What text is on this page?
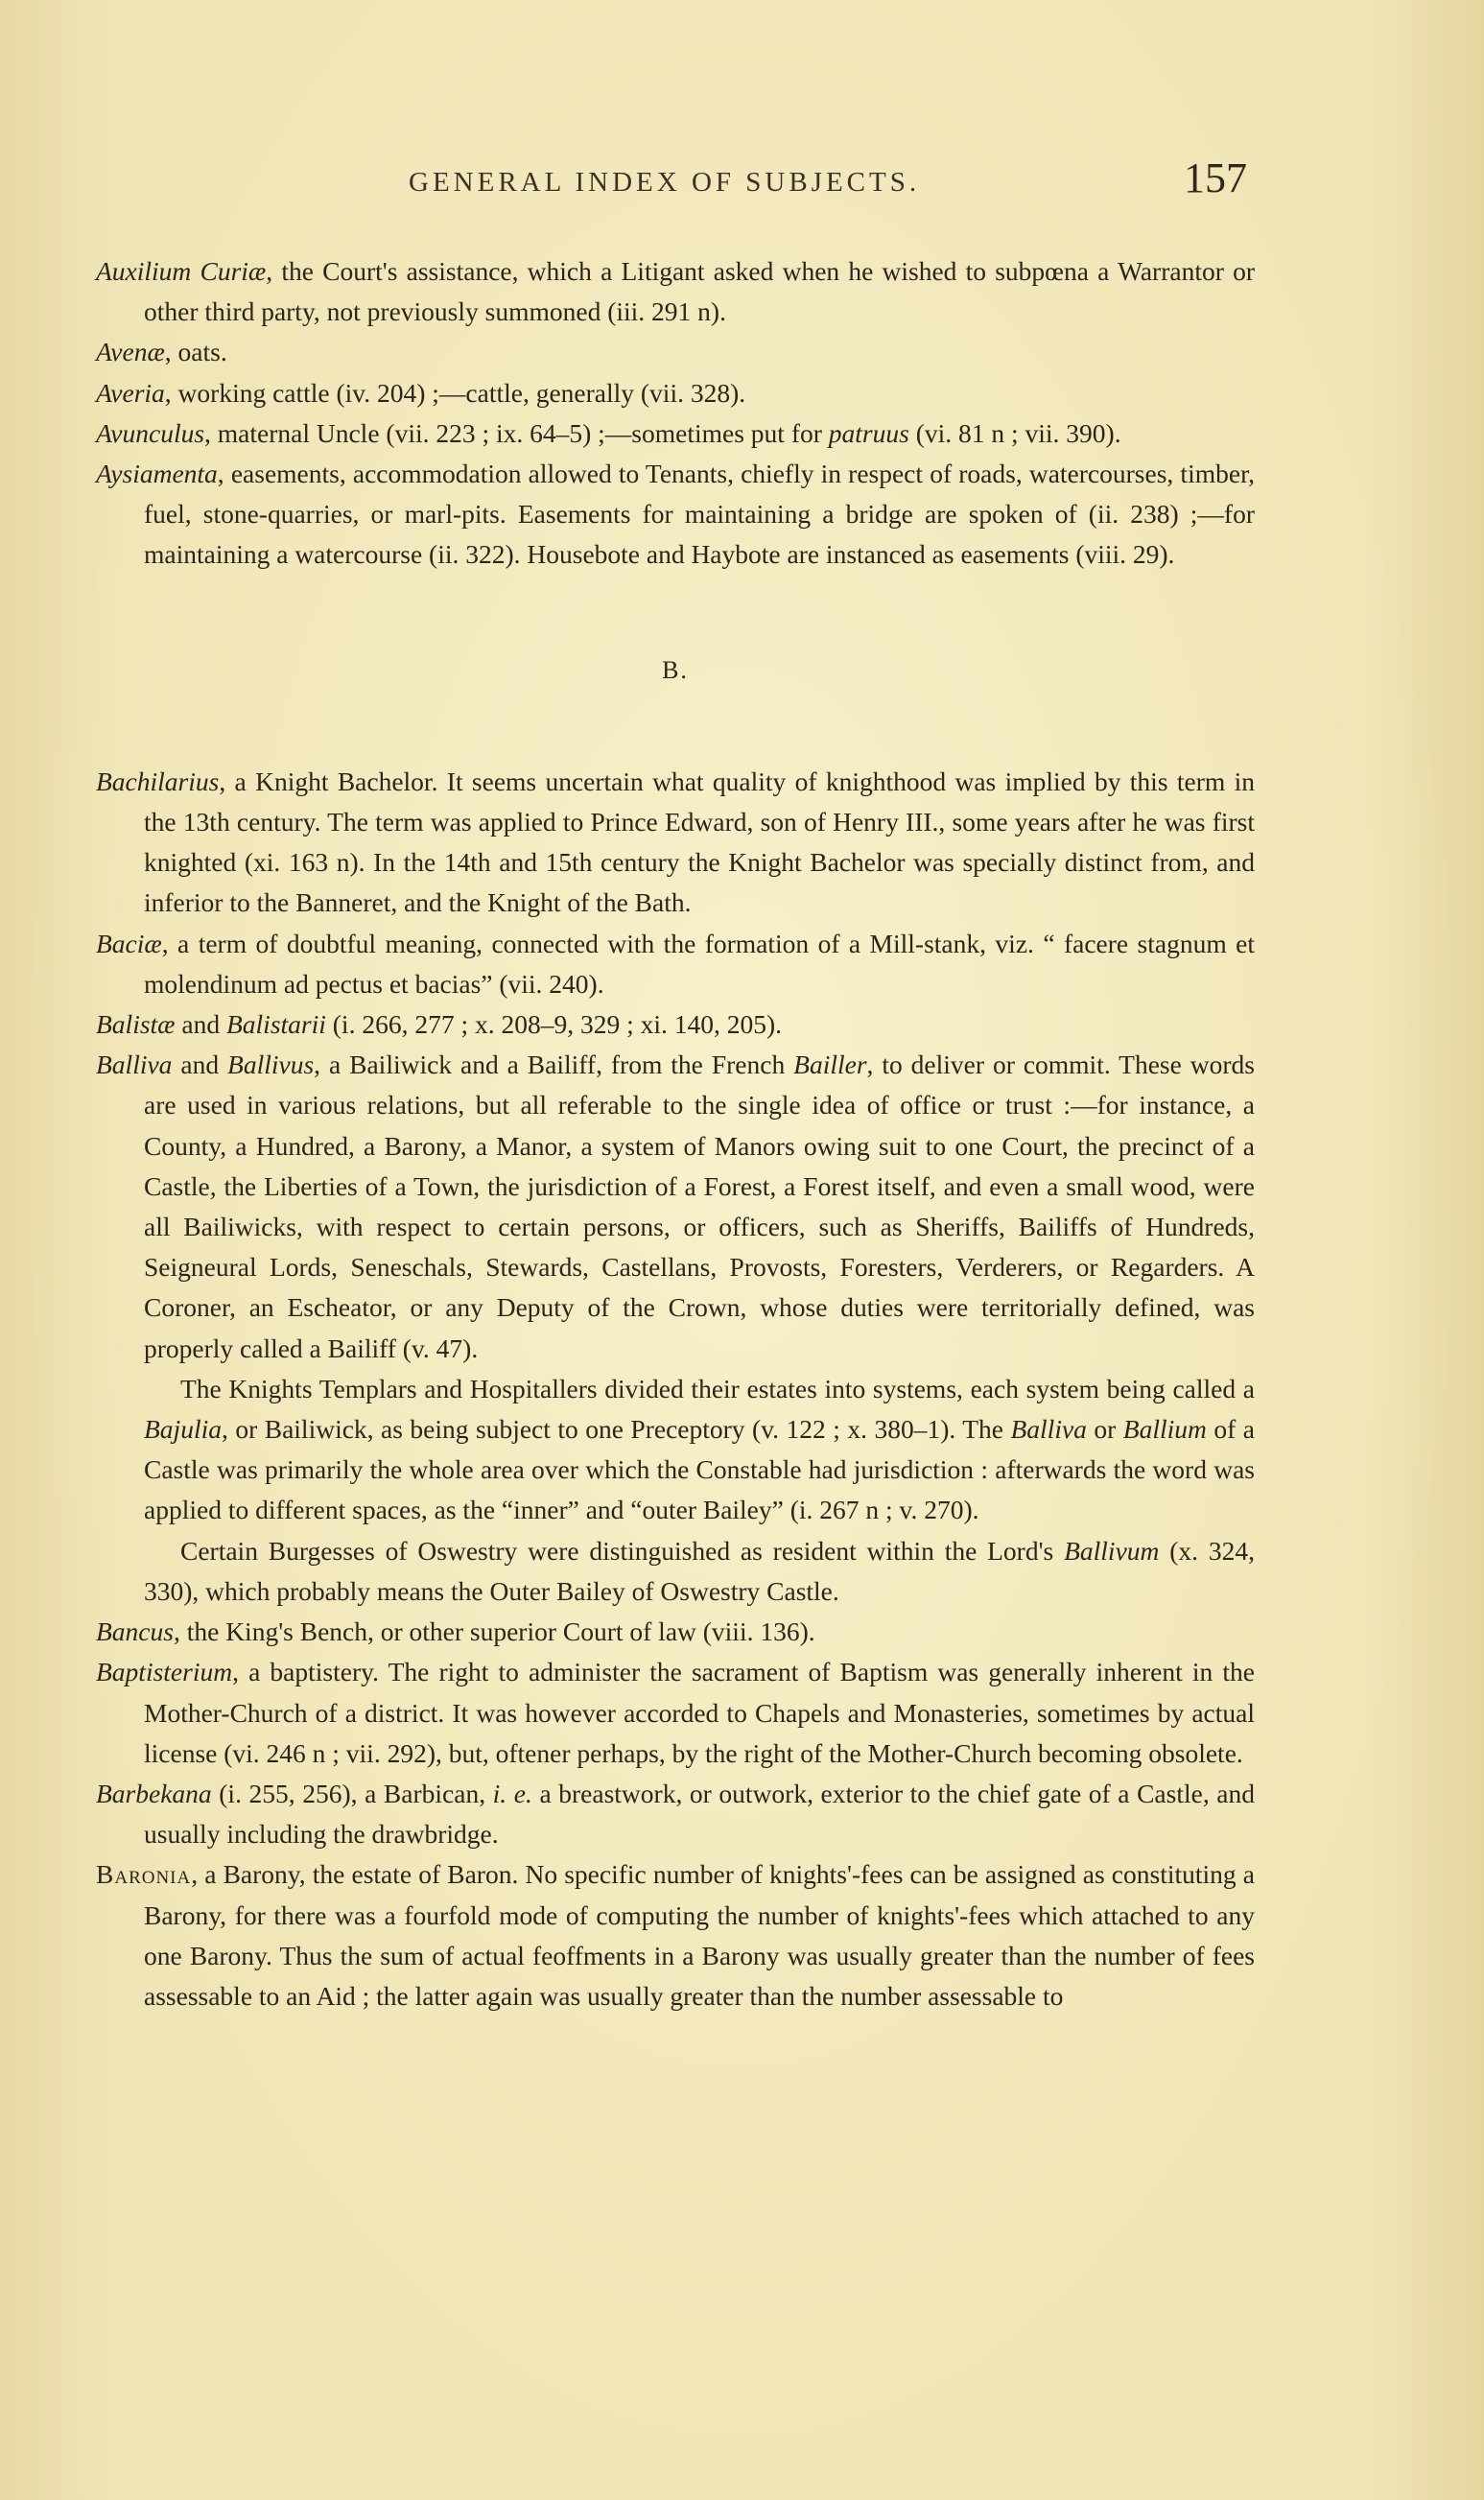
GENERAL INDEX OF SUBJECTS.	157

Auxilium Curiæ, the Court's assistance, which a Litigant asked when he wished to subpœna a Warrantor or other third party, not previously summoned (iii. 291 n).

Avenæ, oats.

Averia, working cattle (iv. 204) ;—cattle, generally (vii. 328).

Avunculus, maternal Uncle (vii. 223 ; ix. 64–5) ;—sometimes put for patruus (vi. 81 n ; vii. 390).

Aysiamenta, easements, accommodation allowed to Tenants, chiefly in respect of roads, watercourses, timber, fuel, stone-quarries, or marl-pits. Easements for maintaining a bridge are spoken of (ii. 238) ;—for maintaining a watercourse (ii. 322). Housebote and Haybote are instanced as easements (viii. 29).

B.

Bachilarius, a Knight Bachelor. It seems uncertain what quality of knighthood was implied by this term in the 13th century. The term was applied to Prince Edward, son of Henry III., some years after he was first knighted (xi. 163 n). In the 14th and 15th century the Knight Bachelor was specially distinct from, and inferior to the Banneret, and the Knight of the Bath.

Baciæ, a term of doubtful meaning, connected with the formation of a Mill-stank, viz. “ facere stagnum et molendinum ad pectus et bacias” (vii. 240).

Balistæ and Balistarii (i. 266, 277 ; x. 208–9, 329 ; xi. 140, 205).

Balliva and Ballivus, a Bailiwick and a Bailiff, from the French Bailler, to deliver or commit. These words are used in various relations, but all referable to the single idea of office or trust :—for instance, a County, a Hundred, a Barony, a Manor, a system of Manors owing suit to one Court, the precinct of a Castle, the Liberties of a Town, the jurisdiction of a Forest, a Forest itself, and even a small wood, were all Bailiwicks, with respect to certain persons, or officers, such as Sheriffs, Bailiffs of Hundreds, Seigneural Lords, Seneschals, Stewards, Castellans, Provosts, Foresters, Verderers, or Regarders. A Coroner, an Escheator, or any Deputy of the Crown, whose duties were territorially defined, was properly called a Bailiff (v. 47).

The Knights Templars and Hospitallers divided their estates into systems, each system being called a Bajulia, or Bailiwick, as being subject to one Preceptory (v. 122 ; x. 380–1). The Balliva or Ballium of a Castle was primarily the whole area over which the Constable had jurisdiction : afterwards the word was applied to different spaces, as the “inner” and “outer Bailey” (i. 267 n ; v. 270).

Certain Burgesses of Oswestry were distinguished as resident within the Lord's Ballivum (x. 324, 330), which probably means the Outer Bailey of Oswestry Castle.

Bancus, the King's Bench, or other superior Court of law (viii. 136).

Baptisterium, a baptistery. The right to administer the sacrament of Baptism was generally inherent in the Mother-Church of a district. It was however accorded to Chapels and Monasteries, sometimes by actual license (vi. 246 n ; vii. 292), but, oftener perhaps, by the right of the Mother-Church becoming obsolete.

Barbekana (i. 255, 256), a Barbican, i. e. a breastwork, or outwork, exterior to the chief gate of a Castle, and usually including the drawbridge.

Baronia, a Barony, the estate of Baron. No specific number of knights'-fees can be assigned as constituting a Barony, for there was a fourfold mode of computing the number of knights'-fees which attached to any one Barony. Thus the sum of actual feoffments in a Barony was usually greater than the number of fees assessable to an Aid ; the latter again was usually greater than the number assessable to
